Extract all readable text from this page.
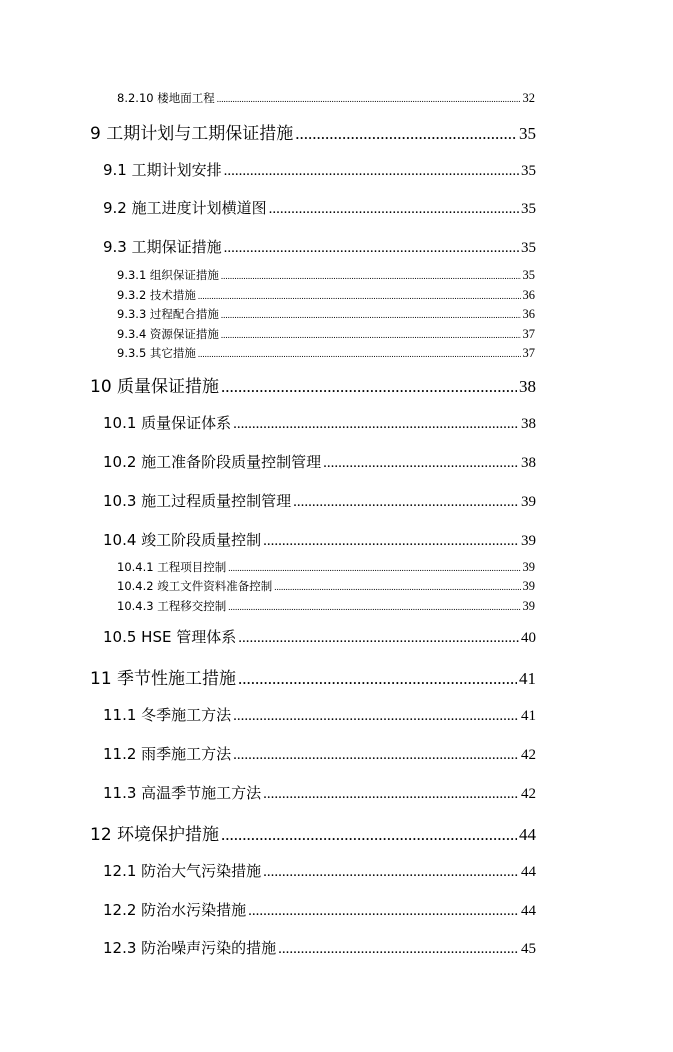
8.2.10 楼地面工程 .....	32
9 工期计划与工期保证措施 .....	35
9.1 工期计划安排 .....	35
9.2 施工进度计划横道图 .....	35
9.3 工期保证措施 .....	35
9.3.1 组织保证措施 .....	35
9.3.2 技术措施 .....	36
9.3.3 过程配合措施 .....	36
9.3.4 资源保证措施 .....	37
9.3.5 其它措施 .....	37
10 质量保证措施 .....	38
10.1 质量保证体系 .....	38
10.2 施工准备阶段质量控制管理 .....	38
10.3 施工过程质量控制管理 .....	39
10.4 竣工阶段质量控制 .....	39
10.4.1 工程项目控制 .....	39
10.4.2 竣工文件资料准备控制 .....	39
10.4.3 工程移交控制 .....	39
10.5 HSE 管理体系 .....	40
11 季节性施工措施 .....	41
11.1 冬季施工方法 .....	41
11.2 雨季施工方法 .....	42
11.3 高温季节施工方法 .....	42
12 环境保护措施 .....	44
12.1 防治大气污染措施 .....	44
12.2 防治水污染措施 .....	44
12.3 防治噪声污染的措施 .....	45
